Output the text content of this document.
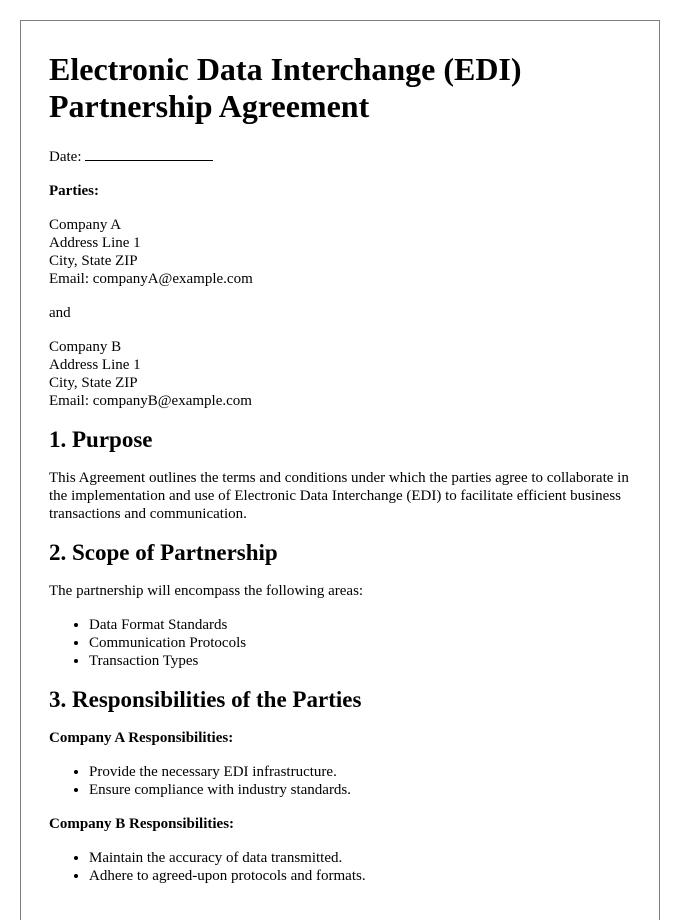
Electronic Data Interchange (EDI) Partnership Agreement

Date:

Parties:

Company A
Address Line 1
City, State ZIP
Email: companyA@example.com

and

Company B
Address Line 1
City, State ZIP
Email: companyB@example.com

1. Purpose

This Agreement outlines the terms and conditions under which the parties agree to collaborate in the implementation and use of Electronic Data Interchange (EDI) to facilitate efficient business transactions and communication.

2. Scope of Partnership

The partnership will encompass the following areas:

• Data Format Standards
• Communication Protocols
• Transaction Types
3. Responsibilities of the Parties

Company A Responsibilities:

• Provide the necessary EDI infrastructure.
• Ensure compliance with industry standards.

Company B Responsibilities:

• Maintain the accuracy of data transmitted.
• Adhere to agreed-upon protocols and formats.
